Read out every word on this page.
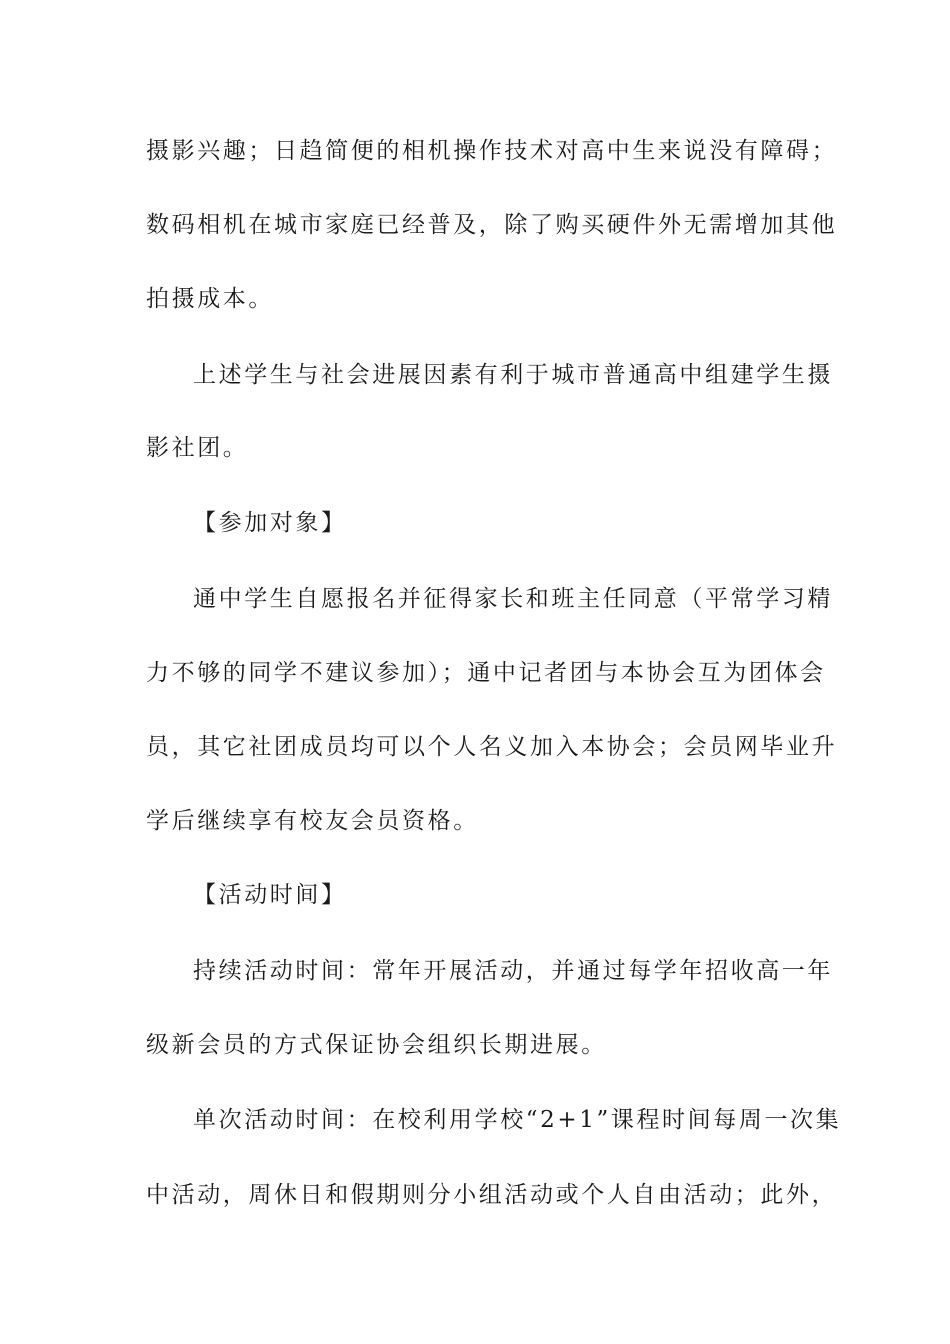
摄影兴趣；日趋简便的相机操作技术对高中生来说没有障碍；
数码相机在城市家庭已经普及，除了购买硬件外无需增加其他
拍摄成本。
上述学生与社会进展因素有利于城市普通高中组建学生摄
影社团。
【参加对象】
通中学生自愿报名并征得家长和班主任同意（平常学习精
力不够的同学不建议参加）；通中记者团与本协会互为团体会
员，其它社团成员均可以个人名义加入本协会；会员网毕业升
学后继续享有校友会员资格。
【活动时间】
持续活动时间：常年开展活动，并通过每学年招收高一年
级新会员的方式保证协会组织长期进展。
单次活动时间：在校利用学校“2+1”课程时间每周一次集
中活动，周休日和假期则分小组活动或个人自由活动；此外，
